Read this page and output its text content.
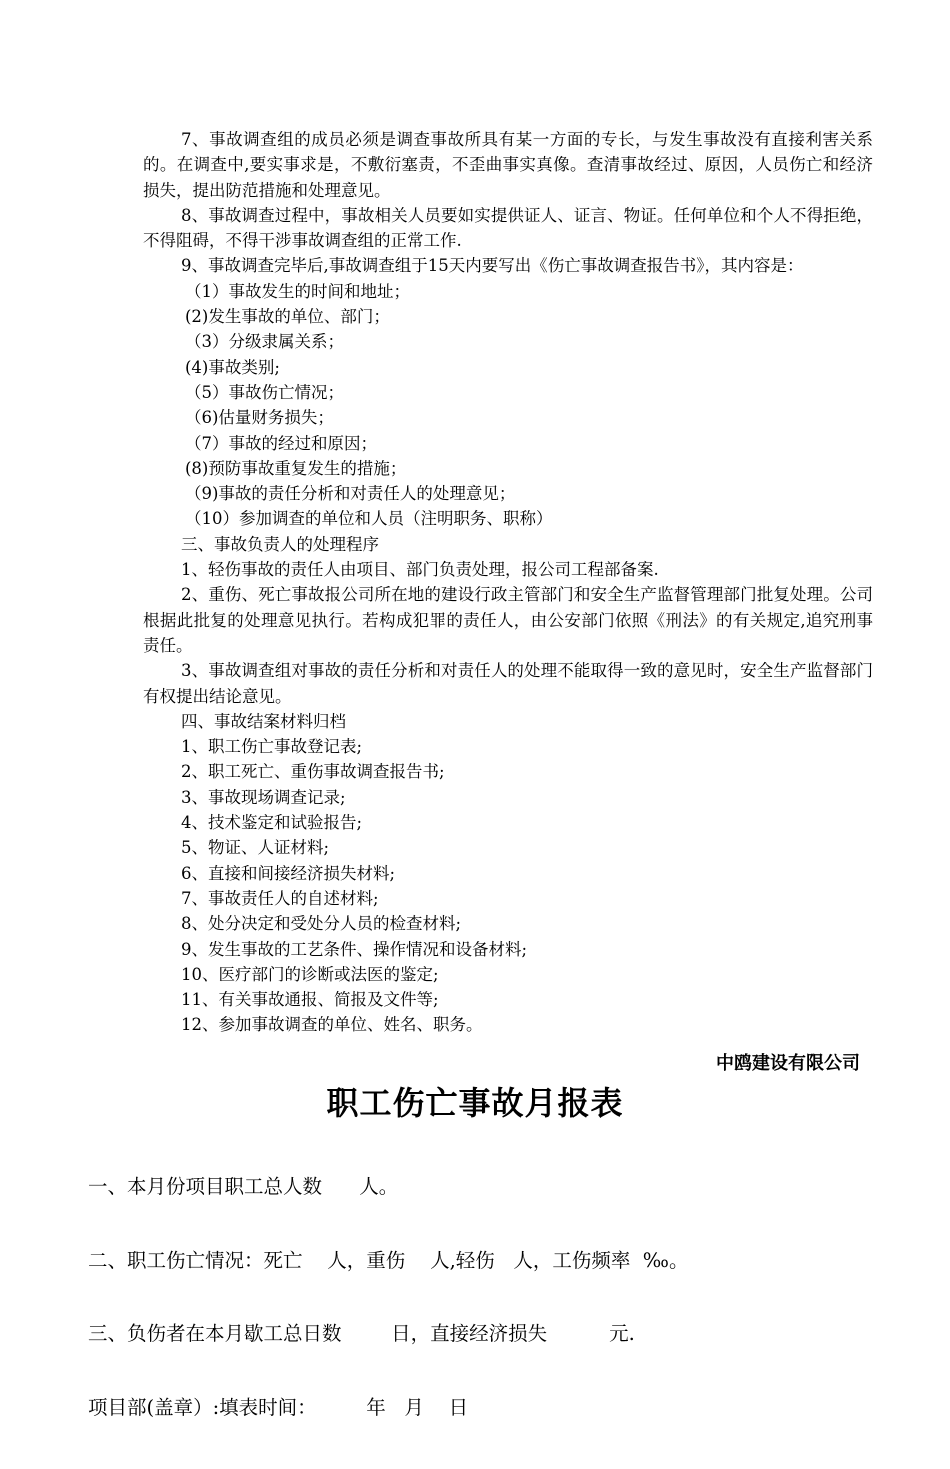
7、事故调查组的成员必须是调查事故所具有某一方面的专长，与发生事故没有直接利害关系的。在调查中,要实事求是，不敷衍塞责，不歪曲事实真像。查清事故经过、原因，人员伤亡和经济损失，提出防范措施和处理意见。

8、事故调查过程中，事故相关人员要如实提供证人、证言、物证。任何单位和个人不得拒绝，不得阻碍，不得干涉事故调查组的正常工作.

9、事故调查完毕后,事故调查组于15天内要写出《伤亡事故调查报告书》，其内容是：

（1）事故发生的时间和地址；

(2)发生事故的单位、部门；

（3）分级隶属关系；

(4)事故类别;

（5）事故伤亡情况；

（6)估量财务损失；

（7）事故的经过和原因；

(8)预防事故重复发生的措施；

（9)事故的责任分析和对责任人的处理意见；

（10）参加调查的单位和人员（注明职务、职称）

三、事故负责人的处理程序

1、轻伤事故的责任人由项目、部门负责处理，报公司工程部备案.

2、重伤、死亡事故报公司所在地的建设行政主管部门和安全生产监督管理部门批复处理。公司根据此批复的处理意见执行。若构成犯罪的责任人，由公安部门依照《刑法》的有关规定,追究刑事责任。

3、事故调查组对事故的责任分析和对责任人的处理不能取得一致的意见时，安全生产监督部门有权提出结论意见。

四、事故结案材料归档

1、职工伤亡事故登记表;

2、职工死亡、重伤事故调查报告书;

3、事故现场调查记录;

4、技术鉴定和试验报告;

5、物证、人证材料;

6、直接和间接经济损失材料;

7、事故责任人的自述材料;

8、处分决定和受处分人员的检查材料;

9、发生事故的工艺条件、操作情况和设备材料;

10、医疗部门的诊断或法医的鉴定;

11、有关事故通报、简报及文件等;

12、参加事故调查的单位、姓名、职务。

中鸥建设有限公司
职工伤亡事故月报表

一、本月份项目职工总人数      人。

二、职工伤亡情况：死亡    人，重伤    人,轻伤   人，工伤频率  ‰。

三、负伤者在本月歇工总日数        日，直接经济损失          元.

项目部(盖章）:填表时间：        年   月    日
